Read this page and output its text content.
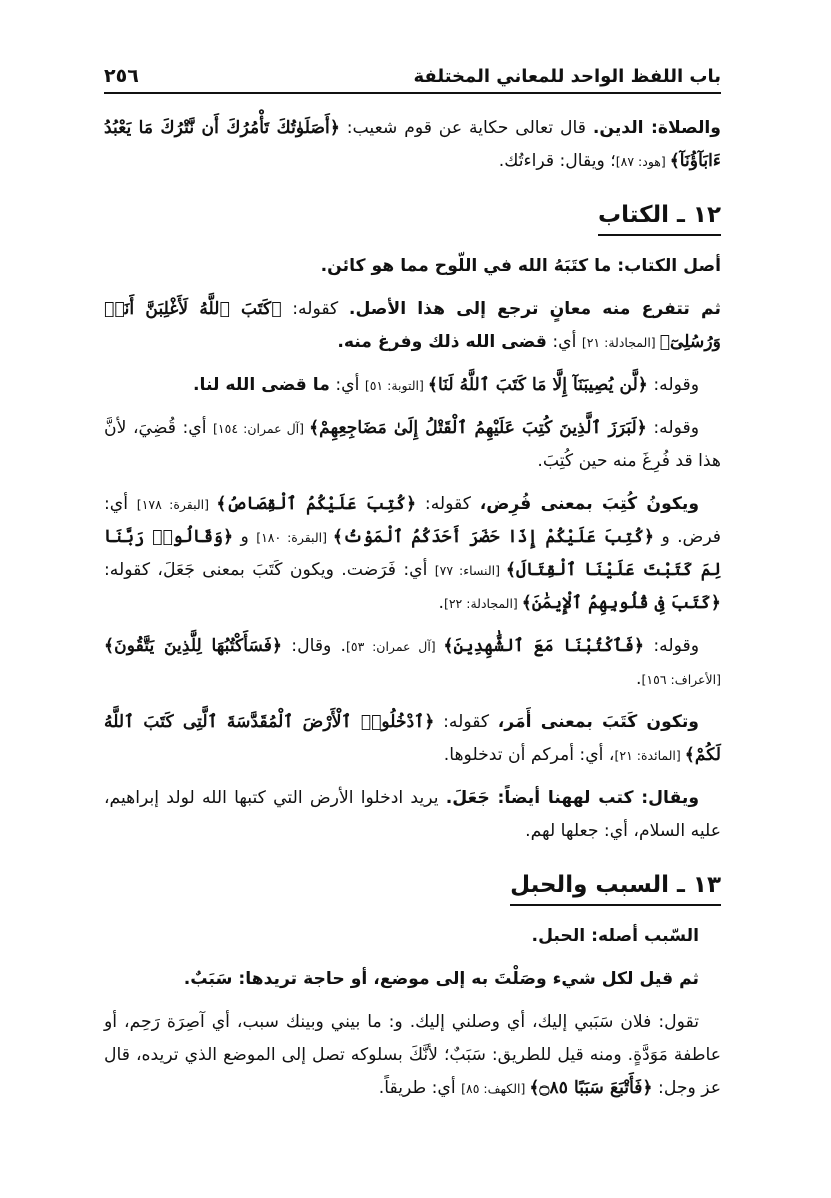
باب اللفظ الواحد للمعاني المختلفة
٢٥٦

والصلاة: الدين. قال تعالى حكاية عن قوم شعيب: ﴿أَصَلَوٰتُكَ تَأْمُرُكَ أَن نَّتْرُكَ مَا يَعْبُدُ ءَابَآؤُنَآ﴾ [هود: ٨٧]؛ ويقال: قراءتُك.

١٢ ـ الكتاب

أصل الكتاب: ما كتَبَهُ الله في اللّوح مما هو كائن.

ثم تتفرع منه معانٍ ترجع إلى هذا الأصل. كقوله: ﴿كَتَبَ ٱللَّهُ لَأَغْلِبَنَّ أَنَا۠ وَرُسُلِىٓ﴾ [المجادلة: ٢١] أي: قضى الله ذلك وفرغ منه.

وقوله: ﴿لَّن يُصِيبَنَآ إِلَّا مَا كَتَبَ ٱللَّهُ لَنَا﴾ [التوبة: ٥١] أي: ما قضى الله لنا.

وقوله: ﴿لَبَرَزَ ٱلَّذِينَ كُتِبَ عَلَيْهِمُ ٱلْقَتْلُ إِلَىٰ مَضَاجِعِهِمْ﴾ [آل عمران: ١٥٤] أي: قُضِيَ، لأنَّ هذا قد فُرِغَ منه حين كُتِبَ.

ويكونُ كُتِبَ بمعنى فُرِض، كقوله: ﴿كُتِبَ عَلَيْكُمُ ٱلْقِصَاصُ﴾ [البقرة: ١٧٨] أي: فرض. و ﴿كُتِبَ عَلَيْكُمْ إِذَا حَضَرَ أَحَدَكُمُ ٱلْمَوْتُ﴾ [البقرة: ١٨٠] و ﴿وَقَالُوا۟ رَبَّنَا لِمَ كَتَبْتَ عَلَيْنَا ٱلْقِتَالَ﴾ [النساء: ٧٧] أي: فَرَضت. ويكون كَتَبَ بمعنى جَعَلَ، كقوله: ﴿كَتَبَ فِى قُلُوبِهِمُ ٱلْإِيمَٰنَ﴾ [المجادلة: ٢٢].

وقوله: ﴿فَٱكْتُبْنَا مَعَ ٱلشَّٰهِدِينَ﴾ [آل عمران: ٥٣]. وقال: ﴿فَسَأَكْتُبُهَا لِلَّذِينَ يَتَّقُونَ﴾ [الأعراف: ١٥٦].

وتكون كَتَبَ بمعنى أَمَر، كقوله: ﴿ٱدْخُلُوا۟ ٱلْأَرْضَ ٱلْمُقَدَّسَةَ ٱلَّتِى كَتَبَ ٱللَّهُ لَكُمْ﴾ [المائدة: ٢١]، أي: أمركم أن تدخلوها.

ويقال: كتب لههنا أيضاً: جَعَلَ. يريد ادخلوا الأرض التي كتبها الله لولد إبراهيم، عليه السلام، أي: جعلها لهم.

١٣ ـ السبب والحبل

السّبب أصله: الحبل.

ثم قيل لكل شيء وصَلْتَ به إلى موضع، أو حاجة تريدها: سَبَبٌ.

تقول: فلان سَبَبي إليك، أي وصلني إليك. و: ما بيني وبينك سبب، أي آصِرَة رَحِم، أو عاطفة مَوَدَّةٍ. ومنه قيل للطريق: سَبَبٌ؛ لأنَّكَ بسلوكه تصل إلى الموضع الذي تريده، قال عز وجل: ﴿فَأَتْبَعَ سَبَبًا ۝٨٥﴾ [الكهف: ٨٥] أي: طريقاً.
